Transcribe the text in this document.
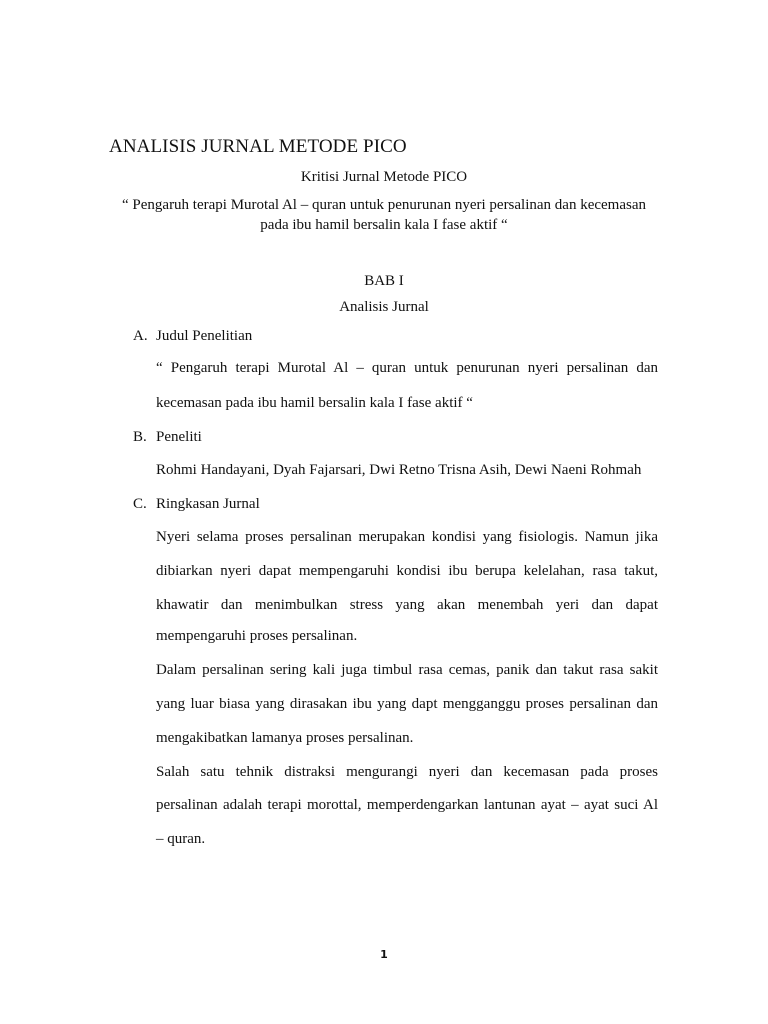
ANALISIS JURNAL METODE PICO

Kritisi Jurnal Metode PICO

“ Pengaruh terapi Murotal Al – quran untuk penurunan nyeri persalinan dan kecemasan

pada ibu hamil bersalin kala I fase aktif “

BAB I

Analisis Jurnal

A. Judul Penelitian

“ Pengaruh terapi Murotal Al – quran untuk penurunan nyeri persalinan dan

kecemasan pada ibu hamil bersalin kala I fase aktif “

B. Peneliti

Rohmi Handayani, Dyah Fajarsari, Dwi Retno Trisna Asih, Dewi Naeni Rohmah

C. Ringkasan Jurnal

Nyeri selama proses persalinan merupakan kondisi yang fisiologis. Namun jika

dibiarkan nyeri dapat mempengaruhi kondisi ibu berupa kelelahan, rasa takut,

khawatir dan menimbulkan stress yang akan menembah yeri dan dapat

mempengaruhi proses persalinan.

Dalam persalinan sering kali juga timbul rasa cemas, panik dan takut rasa sakit

yang luar biasa yang dirasakan ibu yang dapt mengganggu proses persalinan dan

mengakibatkan lamanya proses persalinan.

Salah satu tehnik distraksi mengurangi nyeri dan kecemasan pada proses

persalinan adalah terapi morottal, memperdengarkan lantunan ayat – ayat suci Al

– quran.

1
